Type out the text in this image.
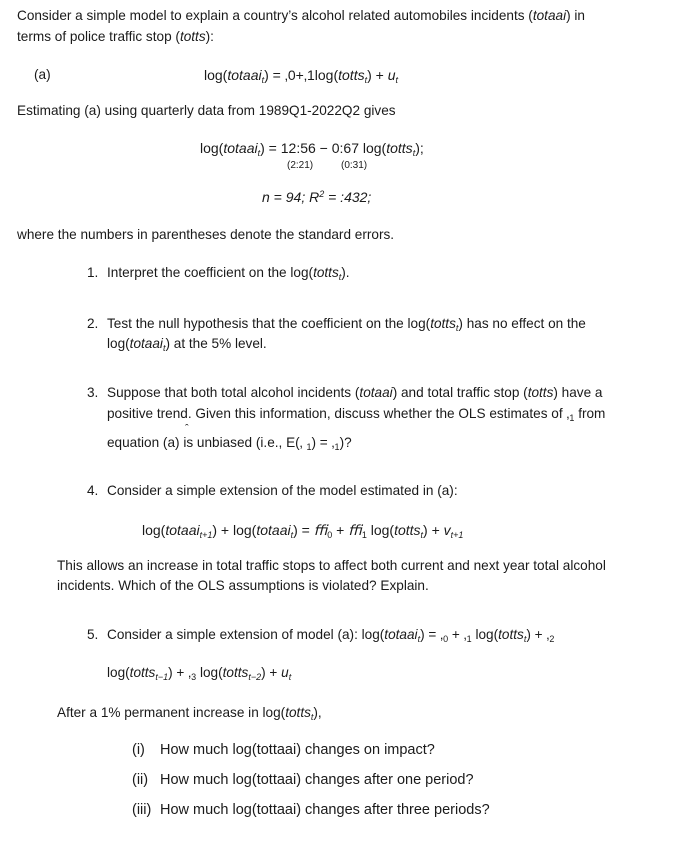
Consider a simple model to explain a country’s alcohol related automobiles incidents (totaai) in
terms of police traffic stop (totts):
(a)	log(totaai$_t$) = ‚0+‚1log(totts$_t$) + $u_t$
Estimating (a) using quarterly data from 1989Q1-2022Q2 gives
log(totaai$_t$) = 12:56 − 0:67 log(totts$_t$);
(2:21)	(0:31)
n = 94; $R^2$ = :432;
where the numbers in parentheses denote the standard errors.
1. Interpret the coefficient on the log(totts$_t$).
2. Test the null hypothesis that the coefficient on the log(totts$_t$) has no effect on the
log(totaai$_t$) at the 5% level.
3. Suppose that both total alcohol incidents (totaai) and total traffic stop (totts) have a
positive trend. Given this information, discuss whether the OLS estimates of $‚_1$ from
ˆ
equation (a) is unbiased (i.e., E(‚ $_1) = ‚_1$)?
4. Consider a simple extension of the model estimated in (a):
log(totaai$_{t+1}$) + log(totaai$_t$) = ﬃ$_0$ + ﬃ$_1$ log(totts$_t$) + $v_{t+1}$
This allows an increase in total traffic stops to affect both current and next year total alcohol
incidents. Which of the OLS assumptions is violated? Explain.
5. Consider a simple extension of model (a): log(totaai$_t$) = $‚_0$ + $‚_1$ log(totts$_t$) + $‚_2$
log(totts$_{t-1}$) + $‚_3$ log(totts$_{t-2}$) + $u_t$
After a 1% permanent increase in log(totts$_t$),
(i) How much log(tottaai) changes on impact?
(ii) How much log(tottaai) changes after one period?
(iii) How much log(tottaai) changes after three periods?
